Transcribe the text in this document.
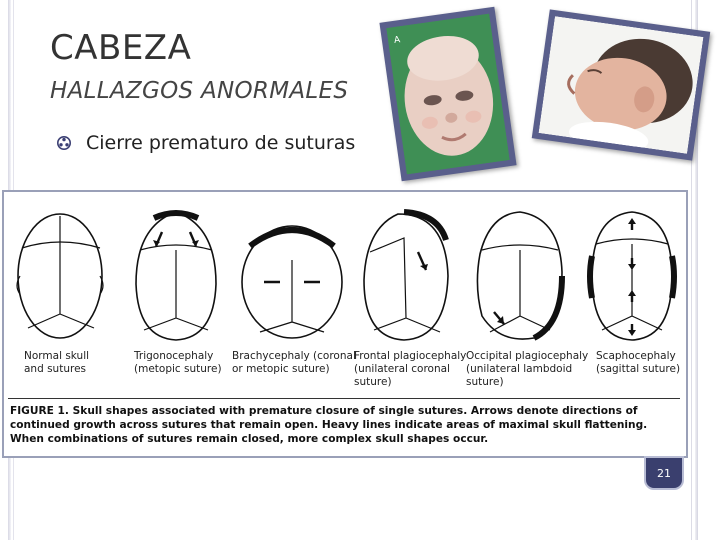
CABEZA
HALLAZGOS ANORMALES
Cierre prematuro de suturas
A
Normal skull
and sutures
Trigonocephaly
(metopic suture)
Brachycephaly (coronal
or metopic suture)
Frontal plagiocephaly
(unilateral coronal
suture)
Occipital plagiocephaly
(unilateral lambdoid
suture)
Scaphocephaly
(sagittal suture)
FIGURE 1. Skull shapes associated with premature closure of single sutures. Arrows denote directions of continued growth across sutures that remain open. Heavy lines indicate areas of maximal skull flattening. When combinations of sutures remain closed, more complex skull shapes occur.
21
